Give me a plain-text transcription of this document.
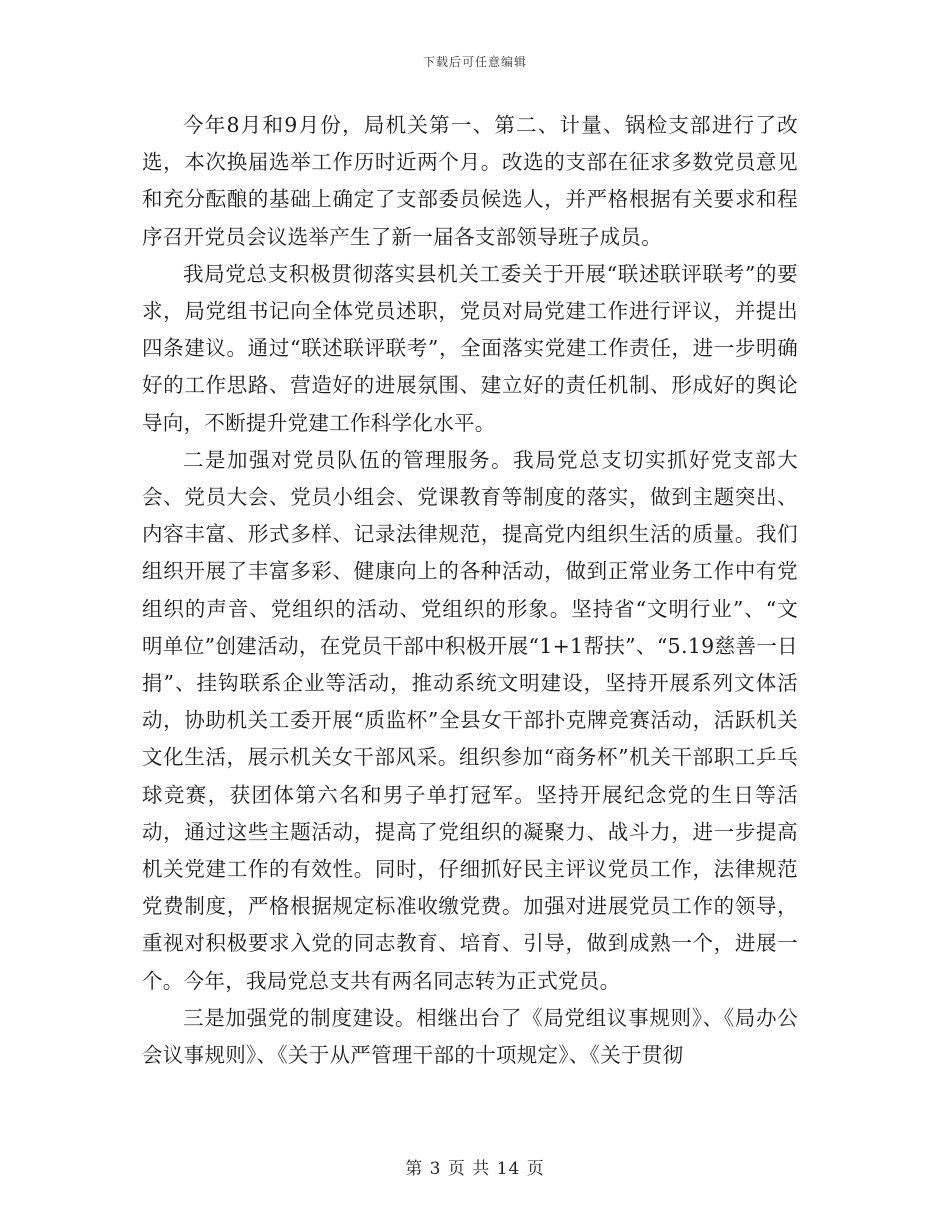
下载后可任意编辑

今年8月和9月份，局机关第一、第二、计量、锅检支部进行了改选，本次换届选举工作历时近两个月。改选的支部在征求多数党员意见和充分酝酿的基础上确定了支部委员候选人，并严格根据有关要求和程序召开党员会议选举产生了新一届各支部领导班子成员。

我局党总支积极贯彻落实县机关工委关于开展“联述联评联考”的要求，局党组书记向全体党员述职，党员对局党建工作进行评议，并提出四条建议。通过“联述联评联考”，全面落实党建工作责任，进一步明确好的工作思路、营造好的进展氛围、建立好的责任机制、形成好的舆论导向，不断提升党建工作科学化水平。

二是加强对党员队伍的管理服务。我局党总支切实抓好党支部大会、党员大会、党员小组会、党课教育等制度的落实，做到主题突出、内容丰富、形式多样、记录法律规范，提高党内组织生活的质量。我们组织开展了丰富多彩、健康向上的各种活动，做到正常业务工作中有党组织的声音、党组织的活动、党组织的形象。坚持省“文明行业”、“文明单位”创建活动，在党员干部中积极开展“1+1帮扶”、“5.19慈善一日捐”、挂钩联系企业等活动，推动系统文明建设，坚持开展系列文体活动，协助机关工委开展“质监杯”全县女干部扑克牌竞赛活动，活跃机关文化生活，展示机关女干部风采。组织参加“商务杯”机关干部职工乒乓球竞赛，获团体第六名和男子单打冠军。坚持开展纪念党的生日等活动，通过这些主题活动，提高了党组织的凝聚力、战斗力，进一步提高机关党建工作的有效性。同时，仔细抓好民主评议党员工作，法律规范党费制度，严格根据规定标准收缴党费。加强对进展党员工作的领导，重视对积极要求入党的同志教育、培育、引导，做到成熟一个，进展一个。今年，我局党总支共有两名同志转为正式党员。

三是加强党的制度建设。相继出台了《局党组议事规则》、《局办公会议事规则》、《关于从严管理干部的十项规定》、《关于贯彻

第 3 页 共 14 页
